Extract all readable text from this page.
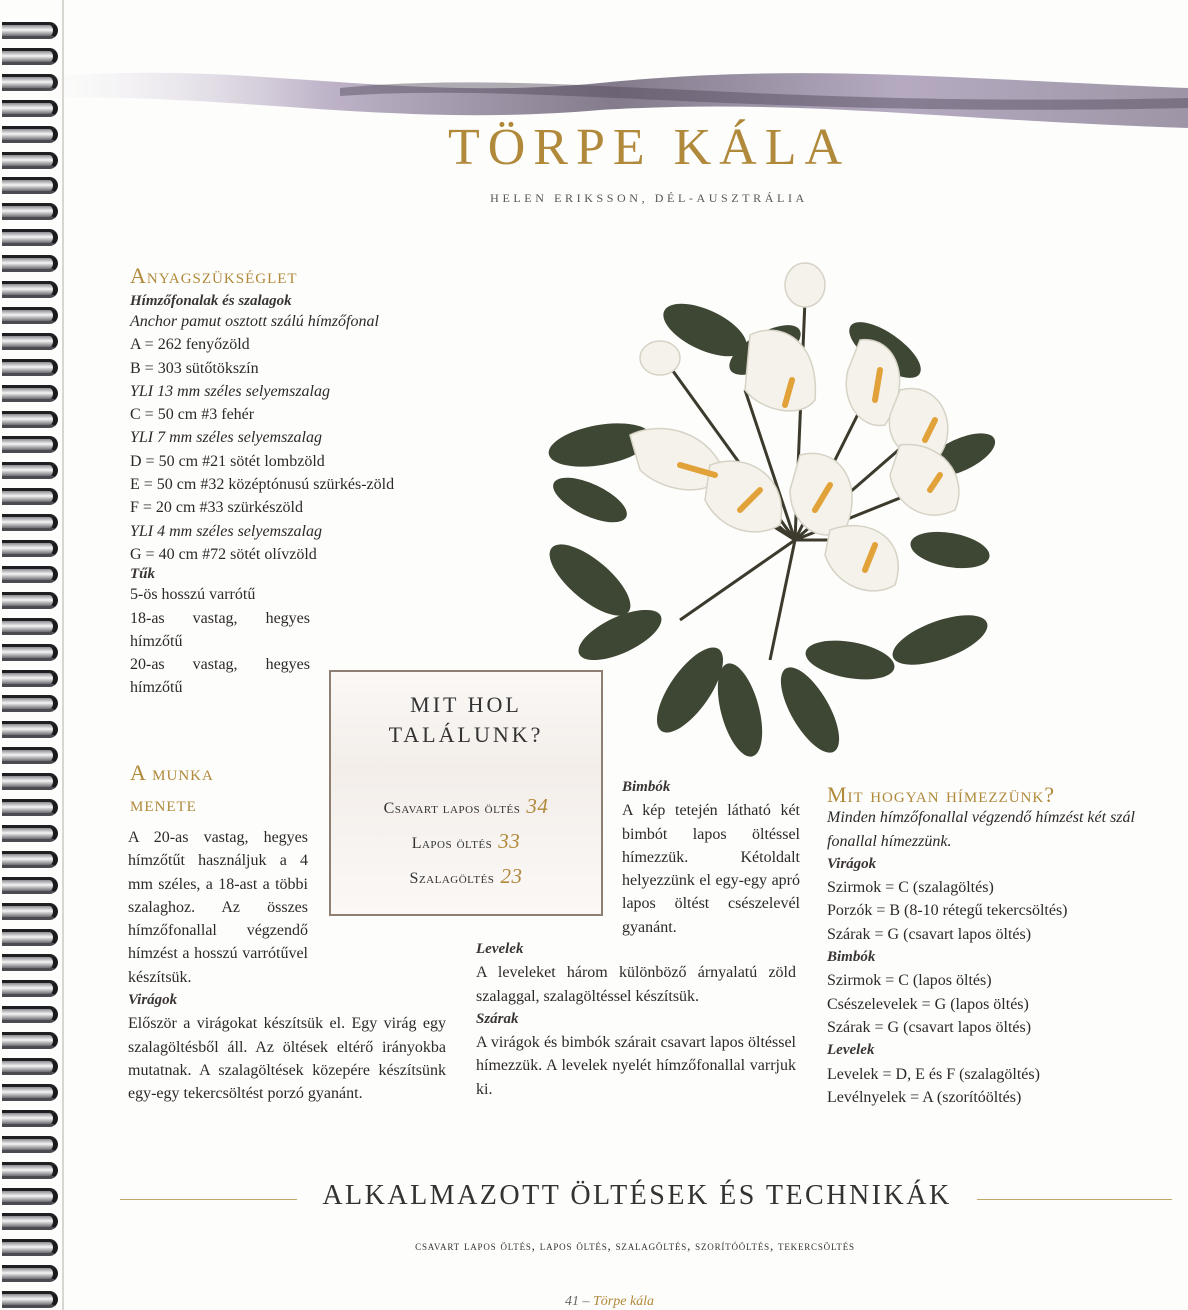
TÖRPE KÁLA
HELEN ERIKSSON, DÉL-AUSZTRÁLIA
Anyagszükséglet
Hímzőfonalak és szalagok
Anchor pamut osztott szálú hímzőfonal
A = 262 fenyőzöld
B = 303 sütőtökszín
YLI 13 mm széles selyemszalag
C = 50 cm #3 fehér
YLI 7 mm széles selyemszalag
D = 50 cm #21 sötét lombzöld
E = 50 cm #32 középtónusú szürkés-zöld
F = 20 cm #33 szürkészöld
YLI 4 mm széles selyemszalag
G = 40 cm #72 sötét olívzöld
Tűk
5-ös hosszú varrótű
18-as vastag, hegyes hímzőtű
20-as vastag, hegyes hímzőtű
A munka
menete
A 20-as vastag, hegyes hímzőtűt használjuk a 4 mm széles, a 18-ast a többi szalaghoz. Az összes hímzőfonallal végzendő hímzést a hosszú varrótűvel készítsük.
Virágok
Először a virágokat készítsük el. Egy virág egy szalagöltésből áll. Az öltések eltérő irányokba mutatnak. A szalagöltések közepére készítsünk egy-egy tekercsöltést porzó gyanánt.
MIT HOL
TALÁLUNK?
Csavart lapos öltés 34
Lapos öltés 33
Szalagöltés 23
Bimbók
A kép tetején látható két bimbót lapos öltéssel hímezzük. Kétoldalt helyezzünk el egy-egy apró lapos öltést csészelevél gyanánt.
Levelek
A leveleket három különböző árnyalatú zöld szalaggal, szalagöltéssel készítsük.
Szárak
A virágok és bimbók szárait csavart lapos öltéssel hímezzük. A levelek nyelét hímzőfonallal varrjuk ki.
Mit hogyan hímezzünk?
Minden hímzőfonallal végzendő hímzést két szál fonallal hímezzünk.
Virágok
Szirmok = C (szalagöltés)
Porzók = B (8-10 rétegű tekercsöltés)
Szárak = G (csavart lapos öltés)
Bimbók
Szirmok = C (lapos öltés)
Csészelevelek = G (lapos öltés)
Szárak = G (csavart lapos öltés)
Levelek
Levelek = D, E és F (szalagöltés)
Levélnyelek = A (szorítóöltés)
ALKALMAZOTT ÖLTÉSEK ÉS TECHNIKÁK
csavart lapos öltés, lapos öltés, szalagöltés, szorítóöltés, tekercsöltés
41 – Törpe kála
